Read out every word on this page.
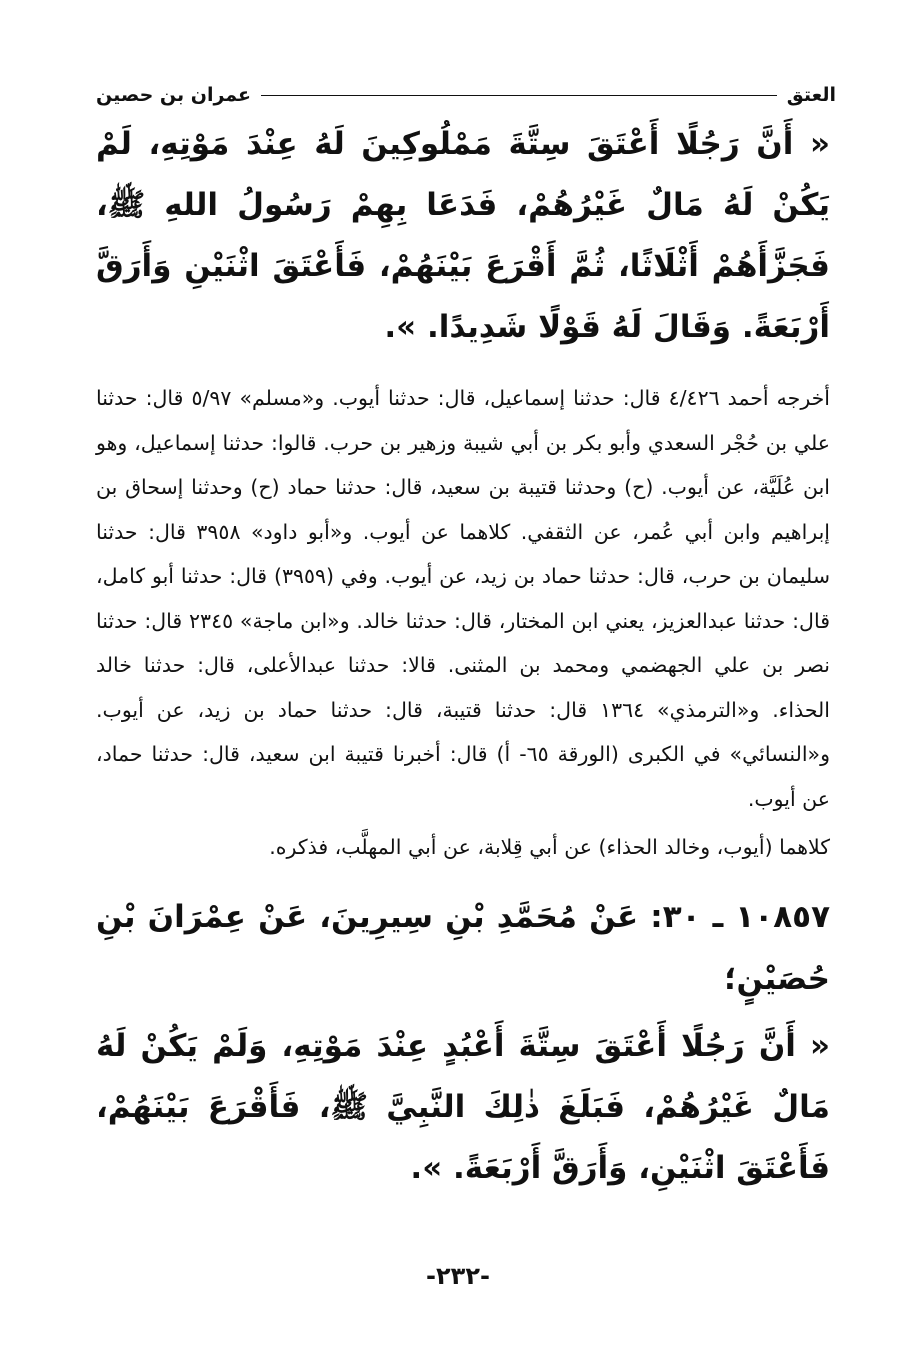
العتق
عمران بن حصين

« أَنَّ رَجُلًا أَعْتَقَ سِتَّةَ مَمْلُوكِينَ لَهُ عِنْدَ مَوْتِهِ، لَمْ يَكُنْ لَهُ مَالٌ غَيْرُهُمْ، فَدَعَا بِهِمْ رَسُولُ اللهِ ﷺ، فَجَزَّأَهُمْ أَثْلَاثًا، ثُمَّ أَقْرَعَ بَيْنَهُمْ، فَأَعْتَقَ اثْنَيْنِ وَأَرَقَّ أَرْبَعَةً. وَقَالَ لَهُ قَوْلًا شَدِيدًا. ».

أخرجه أحمد ٤/٤٢٦ قال: حدثنا إسماعيل، قال: حدثنا أيوب. و«مسلم» ٥/٩٧ قال: حدثنا علي بن حُجْر السعدي وأبو بكر بن أبي شيبة وزهير بن حرب. قالوا: حدثنا إسماعيل، وهو ابن عُلَيَّة، عن أيوب. (ح) وحدثنا قتيبة بن سعيد، قال: حدثنا حماد (ح) وحدثنا إسحاق بن إبراهيم وابن أبي عُمر، عن الثقفي. كلاهما عن أيوب. و«أبو داود» ٣٩٥٨ قال: حدثنا سليمان بن حرب، قال: حدثنا حماد بن زيد، عن أيوب. وفي (٣٩٥٩) قال: حدثنا أبو كامل، قال: حدثنا عبدالعزيز، يعني ابن المختار، قال: حدثنا خالد. و«ابن ماجة» ٢٣٤٥ قال: حدثنا نصر بن علي الجهضمي ومحمد بن المثنى. قالا: حدثنا عبدالأعلى، قال: حدثنا خالد الحذاء. و«الترمذي» ١٣٦٤ قال: حدثنا قتيبة، قال: حدثنا حماد بن زيد، عن أيوب. و«النسائي» في الكبرى (الورقة ٦٥- أ) قال: أخبرنا قتيبة ابن سعيد، قال: حدثنا حماد، عن أيوب.

كلاهما (أيوب، وخالد الحذاء) عن أبي قِلابة، عن أبي المهلَّب، فذكره.

١٠٨٥٧ ـ ٣٠: عَنْ مُحَمَّدِ بْنِ سِيرِينَ، عَنْ عِمْرَانَ بْنِ حُصَيْنٍ؛

« أَنَّ رَجُلًا أَعْتَقَ سِتَّةَ أَعْبُدٍ عِنْدَ مَوْتِهِ، وَلَمْ يَكُنْ لَهُ مَالٌ غَيْرُهُمْ، فَبَلَغَ ذٰلِكَ النَّبِيَّ ﷺ، فَأَقْرَعَ بَيْنَهُمْ، فَأَعْتَقَ اثْنَيْنِ، وَأَرَقَّ أَرْبَعَةً. ».

-٢٣٢-
